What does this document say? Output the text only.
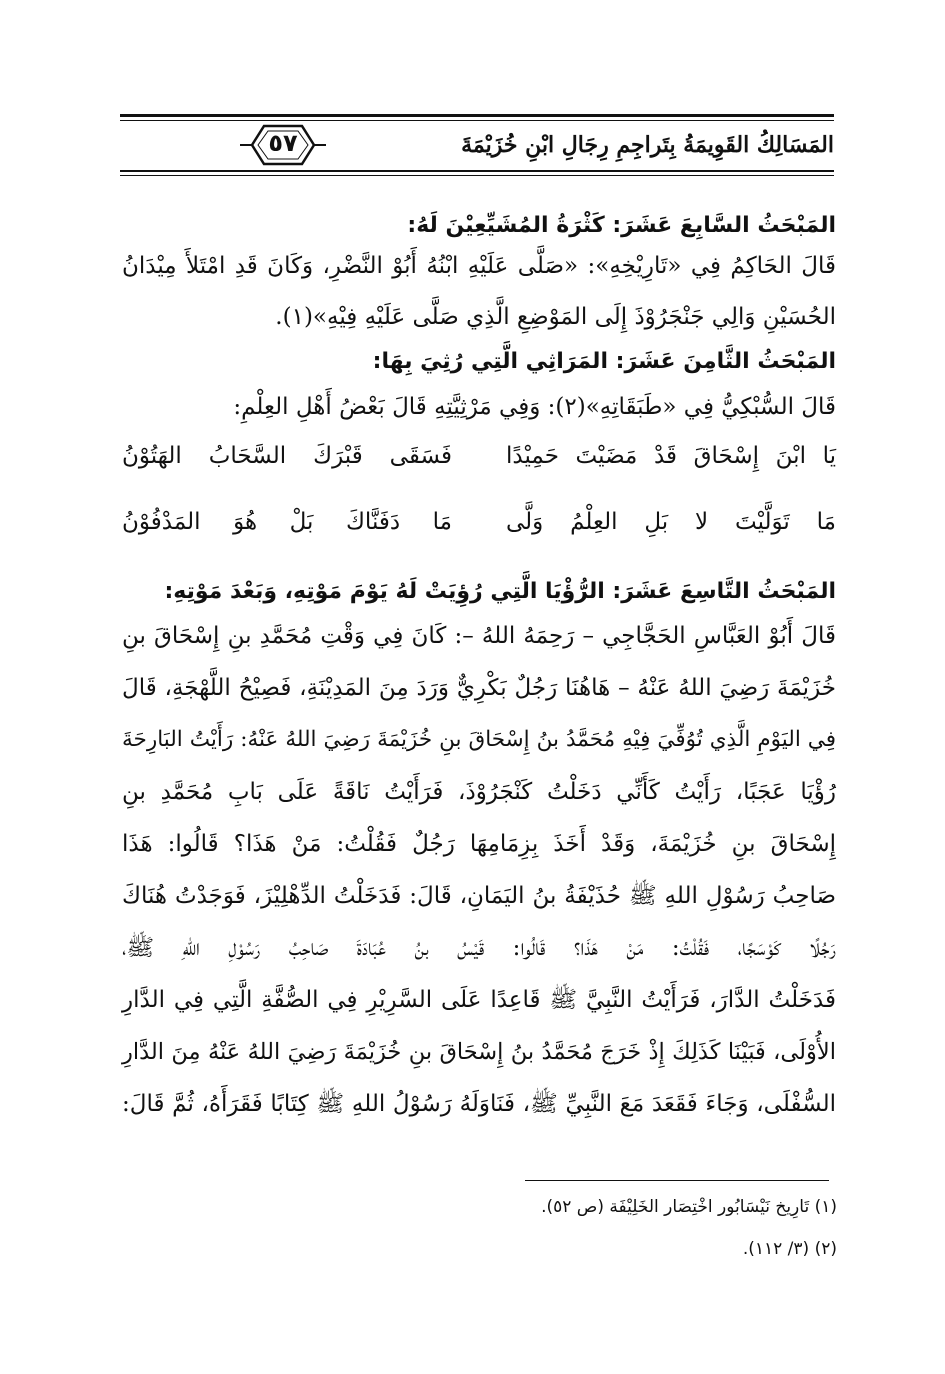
٥٧	المَسَالِكُ القَوِيمَةُ بِتَراجِمِ رِجَالِ ابْنِ خُزَيْمَةَ
المَبْحَثُ السَّابِعَ عَشَرَ: كَثْرَةُ المُشَيِّعِيْنَ لَهُ:
قَالَ الحَاكِمُ فِي «تَارِيْخِهِ»: «صَلَّى عَلَيْهِ ابْنُهُ أَبُوْ النَّضْرِ، وَكَانَ قَدِ امْتَلأَ مِيْدَانُ
الحُسَيْنِ وَالِي جَنْجَرُوْذَ إِلَى المَوْضِعِ الَّذِي صَلَّى عَلَيْهِ فِيْهِ»(١).
المَبْحَثُ الثَّامِنَ عَشَرَ: المَرَاثِي الَّتِي رُثِيَ بِهَا:
قَالَ السُّبْكِيُّ فِي «طَبَقَاتِهِ»(٢): وَفِي مَرْثِيَّتِهِ قَالَ بَعْضُ أَهْلِ العِلْمِ:
يَا ابْنَ إِسْحَاقَ قَدْ مَضَيْتَ حَمِيْدًا
فَسَقَى قَبْرَكَ السَّحَابُ الهَتُوْنُ
مَا تَوَلَّيْتَ لا بَلِ العِلْمُ وَلَّى
مَا دَفَنَّاكَ بَلْ هُوَ المَدْفُوْنُ
المَبْحَثُ التَّاسِعَ عَشَرَ: الرُّؤْيَا الَّتِي رُؤِيَتْ لَهُ يَوْمَ مَوْتِهِ، وَبَعْدَ مَوْتِهِ:
قَالَ أَبُوْ العَبَّاسِ الحَجَّاجِي – رَحِمَهُ اللهُ –: كَانَ فِي وَقْتِ مُحَمَّدِ بنِ إِسْحَاقَ بنِ
خُزَيْمَةَ رَضِيَ اللهُ عَنْهُ – هَاهُنَا رَجُلٌ بَكْرِيٌّ وَرَدَ مِنَ المَدِيْنَةِ، فَصِيْحُ اللَّهْجَةِ، قَالَ
فِي اليَوْمِ الَّذِي تُوُفِّيَ فِيْهِ مُحَمَّدُ بنُ إِسْحَاقَ بنِ خُزَيْمَةَ رَضِيَ اللهُ عَنْهُ: رَأَيْتُ البَارِحَةَ
رُؤْيَا عَجَبًا، رَأَيْتُ كَأَنِّي دَخَلْتُ كَنْجَرُوْذَ، فَرَأَيْتُ نَاقَةً عَلَى بَابِ مُحَمَّدِ بنِ
إِسْحَاقَ بنِ خُزَيْمَةَ، وَقَدْ أَخَذَ بِزِمَامِهَا رَجُلٌ فَقُلْتُ: مَنْ هَذَا؟ قَالُوا: هَذَا
صَاحِبُ رَسُوْلِ اللهِ ﷺ حُذَيْفَةُ بنُ اليَمَانِ، قَالَ: فَدَخَلْتُ الدِّهْلِيْزَ، فَوَجَدْتُ هُنَاكَ
رَجُلًا كَوْسَجًا، فَقُلْتُ: مَنْ هَذَا؟ قَالُوا: قَيْسُ بنُ عُبَادَةَ صَاحِبُ رَسُوْلِ اللهِ ﷺ،
فَدَخَلْتُ الدَّارَ، فَرَأَيْتُ النَّبِيَّ ﷺ قَاعِدًا عَلَى السَّرِيْرِ فِي الصُّفَّةِ الَّتِي فِي الدَّارِ
الأُوْلَى، فَبَيْنَا كَذَلِكَ إِذْ خَرَجَ مُحَمَّدُ بنُ إِسْحَاقَ بنِ خُزَيْمَةَ رَضِيَ اللهُ عَنْهُ مِنَ الدَّارِ
السُّفْلَى، وَجَاءَ فَقَعَدَ مَعَ النَّبِيِّ ﷺ، فَنَاوَلَهُ رَسُوْلُ اللهِ ﷺ كِتَابًا فَقَرَأَهُ، ثُمَّ قَالَ:
(١) تَارِيخ نَيْسَابُور اخْتِصَار الخَلِيْفَة (ص ٥٢).
(٢) (٣/ ١١٢).
